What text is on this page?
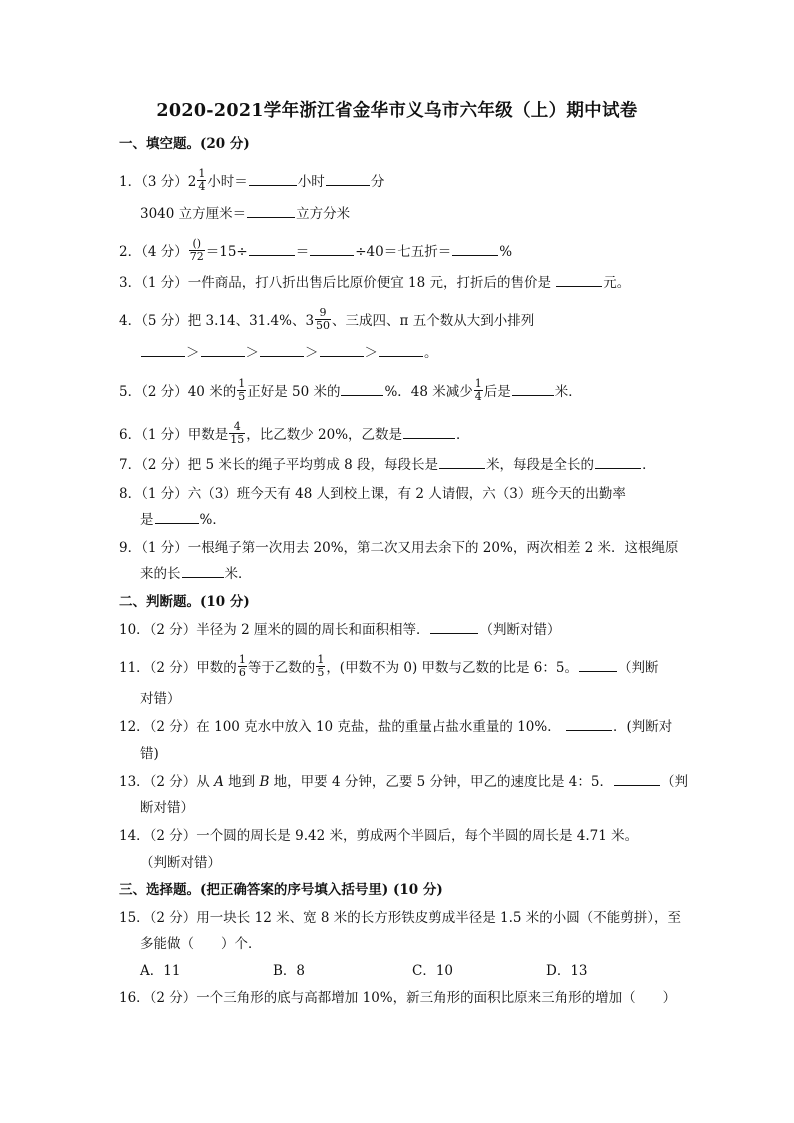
2020-2021学年浙江省金华市义乌市六年级（上）期中试卷
一、填空题。(20 分)
1．（3 分）$2 \frac{1}{4}$ 小时＝	小时	分
3040 立方厘米＝	立方分米
2．（4 分） $\frac{()}{72} =15\div$	＝	÷40＝七五折＝	%
3．（1 分）一件商品，打八折出售后比原价便宜 18 元，打折后的售价是	元。
4．（5 分）把 3.14、31.4%、$3 \frac{9}{50}$ 、三成四、π 五个数从大到小排列
＞	＞	＞	＞	。
5．（2 分）40 米的 $\frac{1}{5}$ 正好是 50 米的	%．48 米减少 $\frac{1}{4}$ 后是	米．
6．（1 分）甲数是 $\frac{4}{15}$ ，比乙数少 20%，乙数是	．
7．（2 分）把 5 米长的绳子平均剪成 8 段，每段长是	米，每段是全长的	．
8．（1 分）六（3）班今天有 48 人到校上课，有 2 人请假，六（3）班今天的出勤率
是	%．
9．（1 分）一根绳子第一次用去 20%，第二次又用去余下的 20%，两次相差 2 米．这根绳原
来的长	米．
二、判断题。(10 分)
10．（2 分）半径为 2 厘米的圆的周长和面积相等．	（判断对错）
11．（2 分）甲数的 $\frac{1}{6}$ 等于乙数的 $\frac{1}{5}$ ，(甲数不为 0) 甲数与乙数的比是 6：5。	（判断
对错）
12．（2 分）在 100 克水中放入 10 克盐，盐的重量占盐水重量的 10%．	．(判断对
错)
13．（2 分）从 A 地到 B 地，甲要 4 分钟，乙要 5 分钟，甲乙的速度比是 4：5．	（判
断对错）
14．（2 分）一个圆的周长是 9.42 米，剪成两个半圆后，每个半圆的周长是 4.71 米。
（判断对错）
三、选择题。(把正确答案的序号填入括号里) (10 分)
15．（2 分）用一块长 12 米、宽 8 米的长方形铁皮剪成半径是 1.5 米的小圆（不能剪拼），至
多能做（　　）个．
A．11	B．8	C．10	D．13
16．（2 分）一个三角形的底与高都增加 10%，新三角形的面积比原来三角形的增加（　　）
